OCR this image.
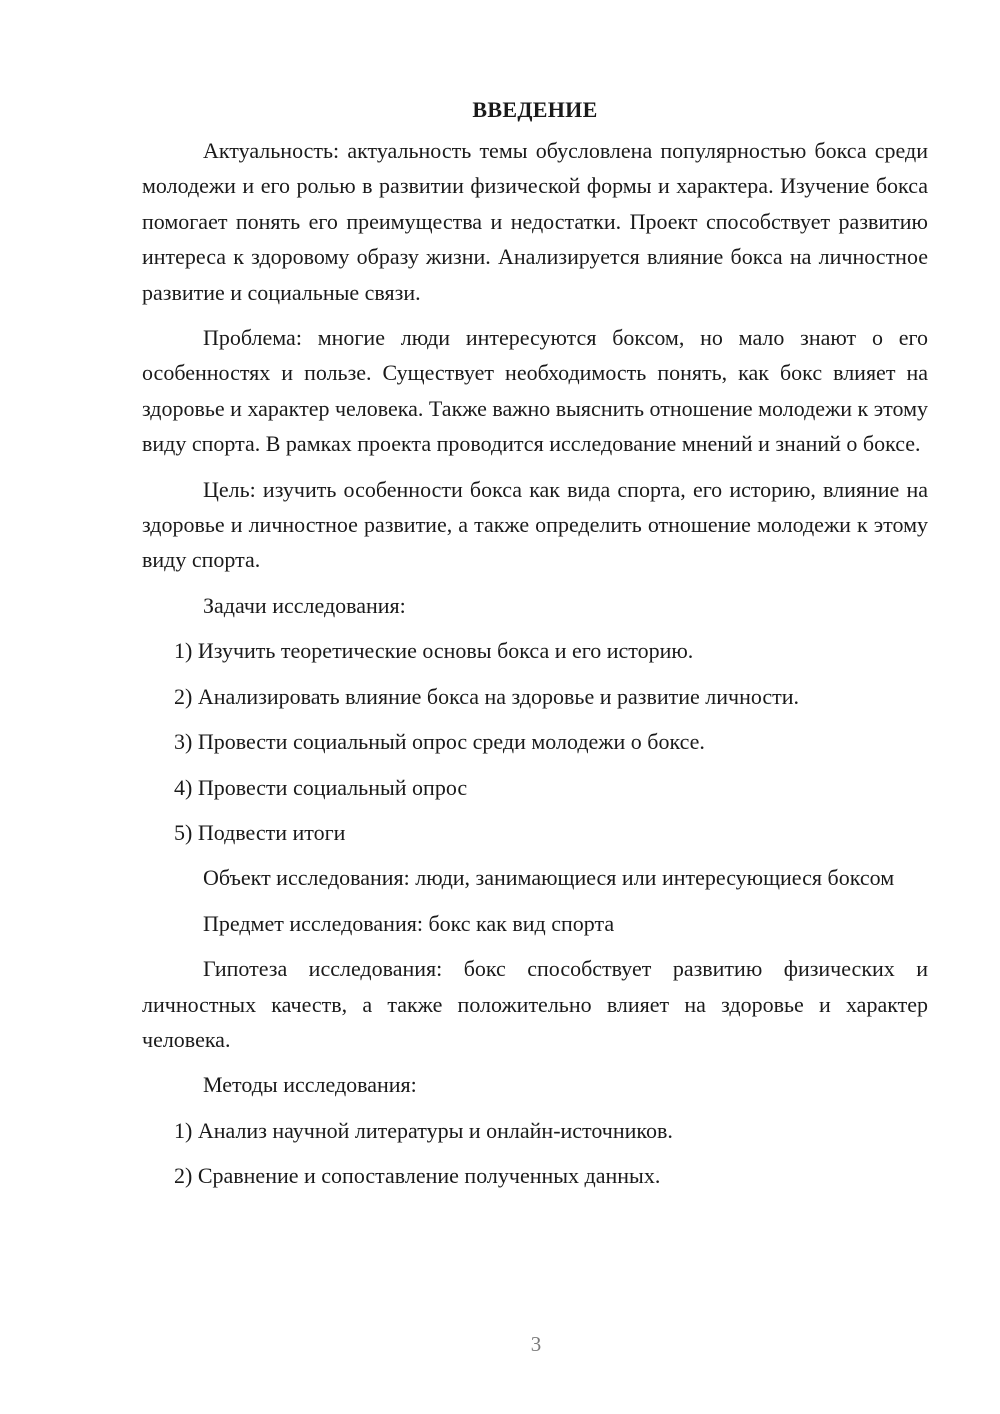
ВВЕДЕНИЕ

Актуальность: актуальность темы обусловлена популярностью бокса среди молодежи и его ролью в развитии физической формы и характера. Изучение бокса помогает понять его преимущества и недостатки. Проект способствует развитию интереса к здоровому образу жизни. Анализируется влияние бокса на личностное развитие и социальные связи.

Проблема: многие люди интересуются боксом, но мало знают о его особенностях и пользе. Существует необходимость понять, как бокс влияет на здоровье и характер человека. Также важно выяснить отношение молодежи к этому виду спорта. В рамках проекта проводится исследование мнений и знаний о боксе.

Цель: изучить особенности бокса как вида спорта, его историю, влияние на здоровье и личностное развитие, а также определить отношение молодежи к этому виду спорта.

Задачи исследования:

1) Изучить теоретические основы бокса и его историю.
2) Анализировать влияние бокса на здоровье и развитие личности.
3) Провести социальный опрос среди молодежи о боксе.
4) Провести социальный опрос
5) Подвести итоги

Объект исследования: люди, занимающиеся или интересующиеся боксом

Предмет исследования: бокс как вид спорта

Гипотеза исследования: бокс способствует развитию физических и личностных качеств, а также положительно влияет на здоровье и характер человека.

Методы исследования:

1) Анализ научной литературы и онлайн-источников.
2) Сравнение и сопоставление полученных данных.
3
